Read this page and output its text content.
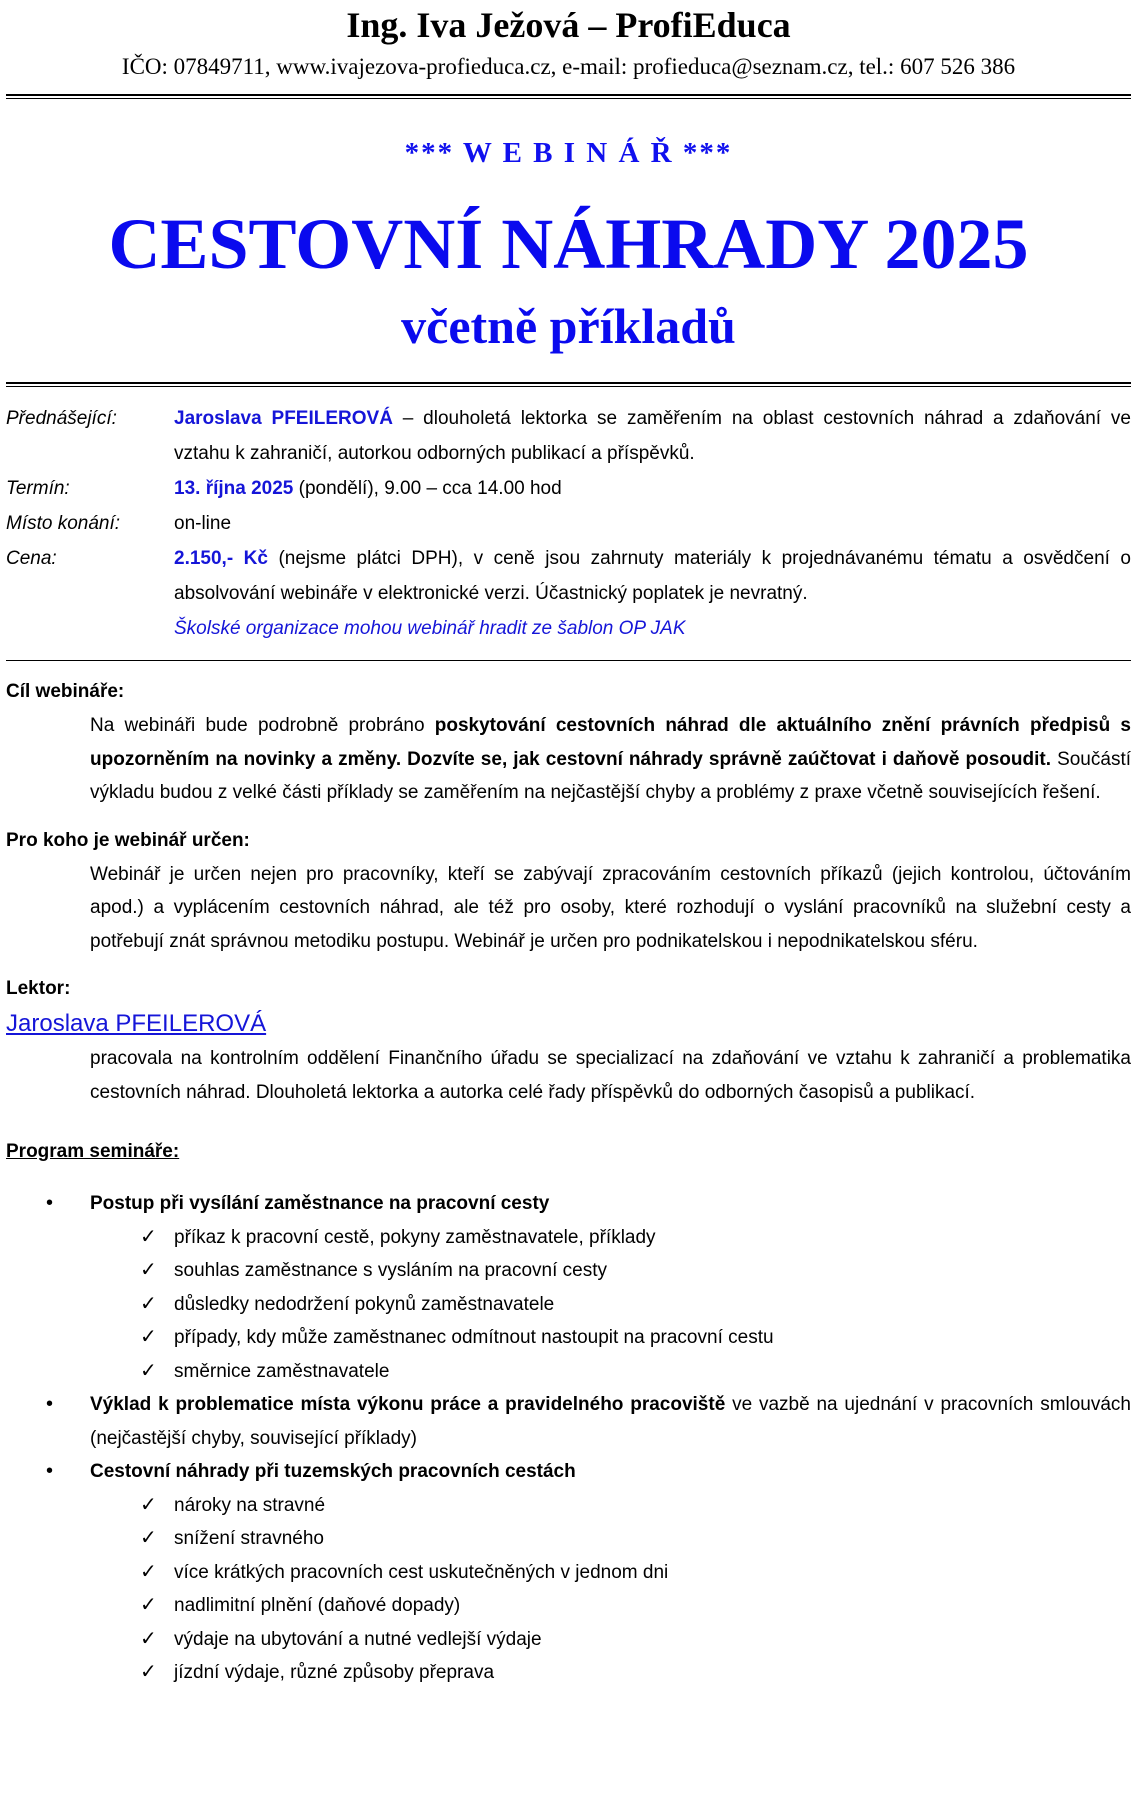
Ing. Iva Ježová – ProfiEduca
IČO: 07849711, www.ivajezova-profieduca.cz, e-mail: profieduca@seznam.cz, tel.: 607 526 386
*** W E B I N Á Ř ***
CESTOVNÍ NÁHRADY 2025
včetně příkladů
Přednášející:	Jaroslava PFEILEROVÁ – dlouholetá lektorka se zaměřením na oblast cestovních náhrad a zdaňování ve vztahu k zahraničí, autorkou odborných publikací a příspěvků.
Termín:	13. října 2025 (pondělí), 9.00 – cca 14.00 hod
Místo konání:	on-line
Cena:	2.150,- Kč (nejsme plátci DPH), v ceně jsou zahrnuty materiály k projednávanému tématu a osvědčení o absolvování webináře v elektronické verzi. Účastnický poplatek je nevratný.
Školské organizace mohou webinář hradit ze šablon OP JAK
Cíl webináře:
Na webináři bude podrobně probráno poskytování cestovních náhrad dle aktuálního znění právních předpisů s upozorněním na novinky a změny. Dozvíte se, jak cestovní náhrady správně zaúčtovat i daňově posoudit. Součástí výkladu budou z velké části příklady se zaměřením na nejčastější chyby a problémy z praxe včetně souvisejících řešení.
Pro koho je webinář určen:
Webinář je určen nejen pro pracovníky, kteří se zabývají zpracováním cestovních příkazů (jejich kontrolou, účtováním apod.) a vyplácením cestovních náhrad, ale též pro osoby, které rozhodují o vyslání pracovníků na služební cesty a potřebují znát správnou metodiku postupu. Webinář je určen pro podnikatelskou i nepodnikatelskou sféru.
Lektor:
Jaroslava PFEILEROVÁ
pracovala na kontrolním oddělení Finančního úřadu se specializací na zdaňování ve vztahu k zahraničí a problematika cestovních náhrad. Dlouholetá lektorka a autorka celé řady příspěvků do odborných časopisů a publikací.
Program semináře:
• Postup při vysílání zaměstnance na pracovní cesty
✓ příkaz k pracovní cestě, pokyny zaměstnavatele, příklady
✓ souhlas zaměstnance s vysláním na pracovní cesty
✓ důsledky nedodržení pokynů zaměstnavatele
✓ případy, kdy může zaměstnanec odmítnout nastoupit na pracovní cestu
✓ směrnice zaměstnavatele
• Výklad k problematice místa výkonu práce a pravidelného pracoviště ve vazbě na ujednání v pracovních smlouvách (nejčastější chyby, související příklady)
• Cestovní náhrady při tuzemských pracovních cestách
✓ nároky na stravné
✓ snížení stravného
✓ více krátkých pracovních cest uskutečněných v jednom dni
✓ nadlimitní plnění (daňové dopady)
✓ výdaje na ubytování a nutné vedlejší výdaje
✓ jízdní výdaje, různé způsoby přeprava
